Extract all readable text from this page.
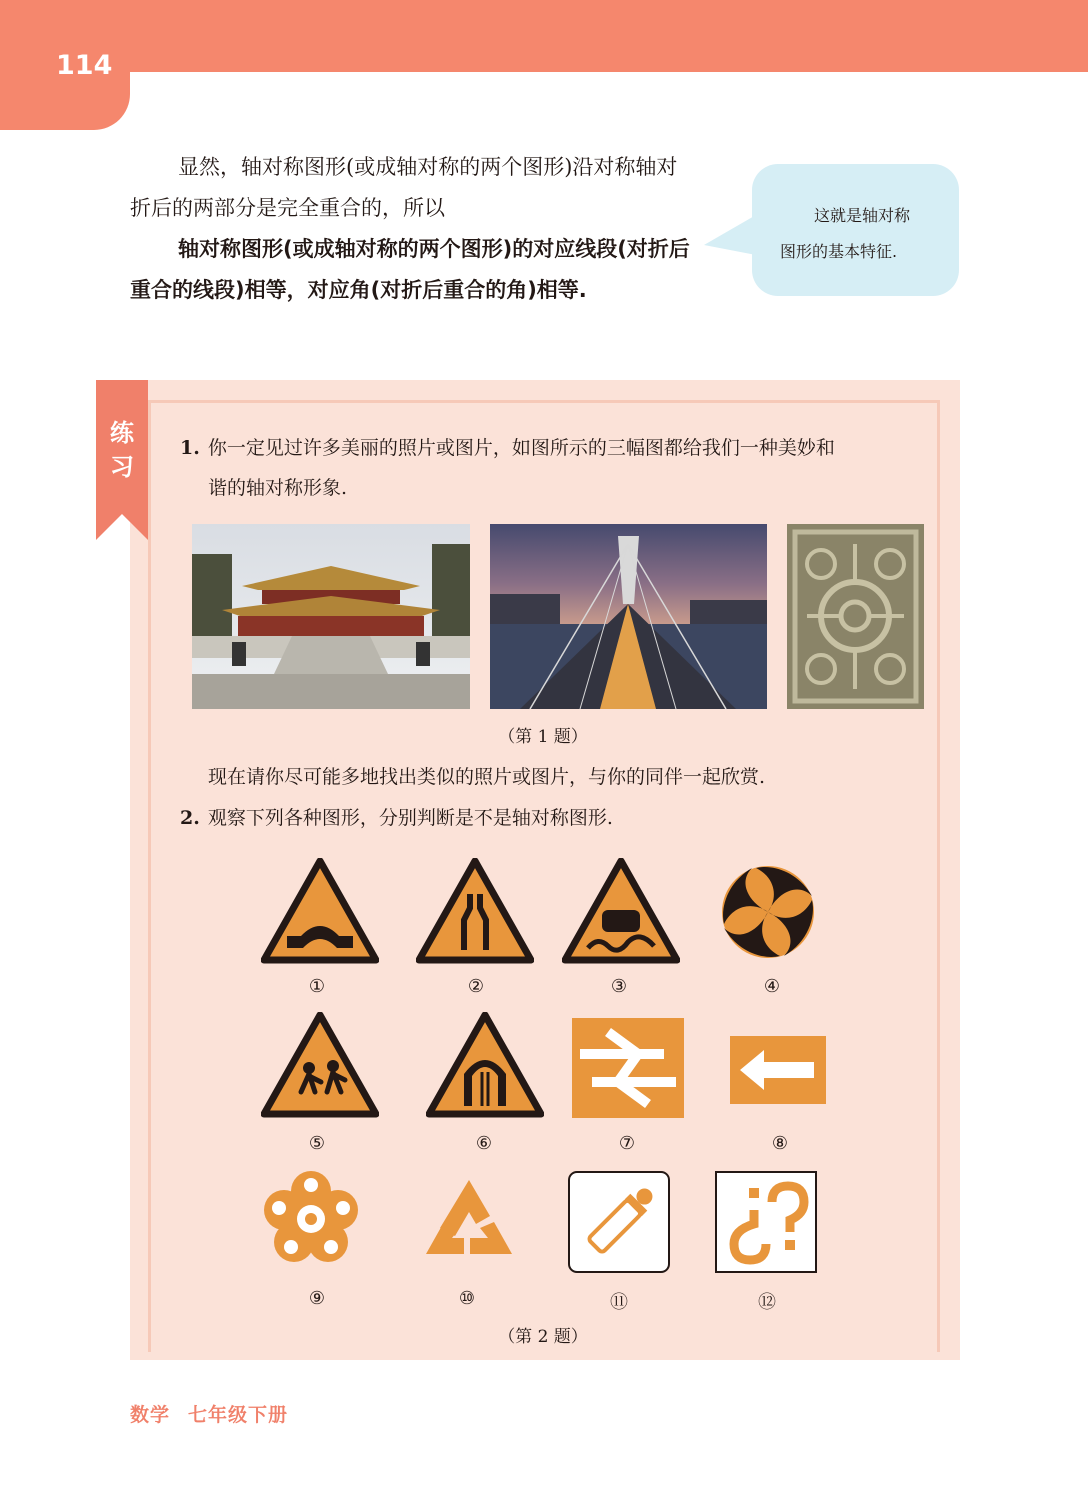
114

显然，轴对称图形(或成轴对称的两个图形)沿对称轴对折后的两部分是完全重合的，所以

轴对称图形(或成轴对称的两个图形)的对应线段(对折后重合的线段)相等，对应角(对折后重合的角)相等.

这就是轴对称
图形的基本特征.
练
习
1. 你一定见过许多美丽的照片或图片，如图所示的三幅图都给我们一种美妙和
谐的轴对称形象.
（第 1 题）
现在请你尽可能多地找出类似的照片或图片，与你的同伴一起欣赏.
2. 观察下列各种图形，分别判断是不是轴对称图形.
①	②	③	④
⑤	⑥	⑦	⑧
⑨	⑩	⑪	⑫
（第 2 题）
数学 七年级下册
